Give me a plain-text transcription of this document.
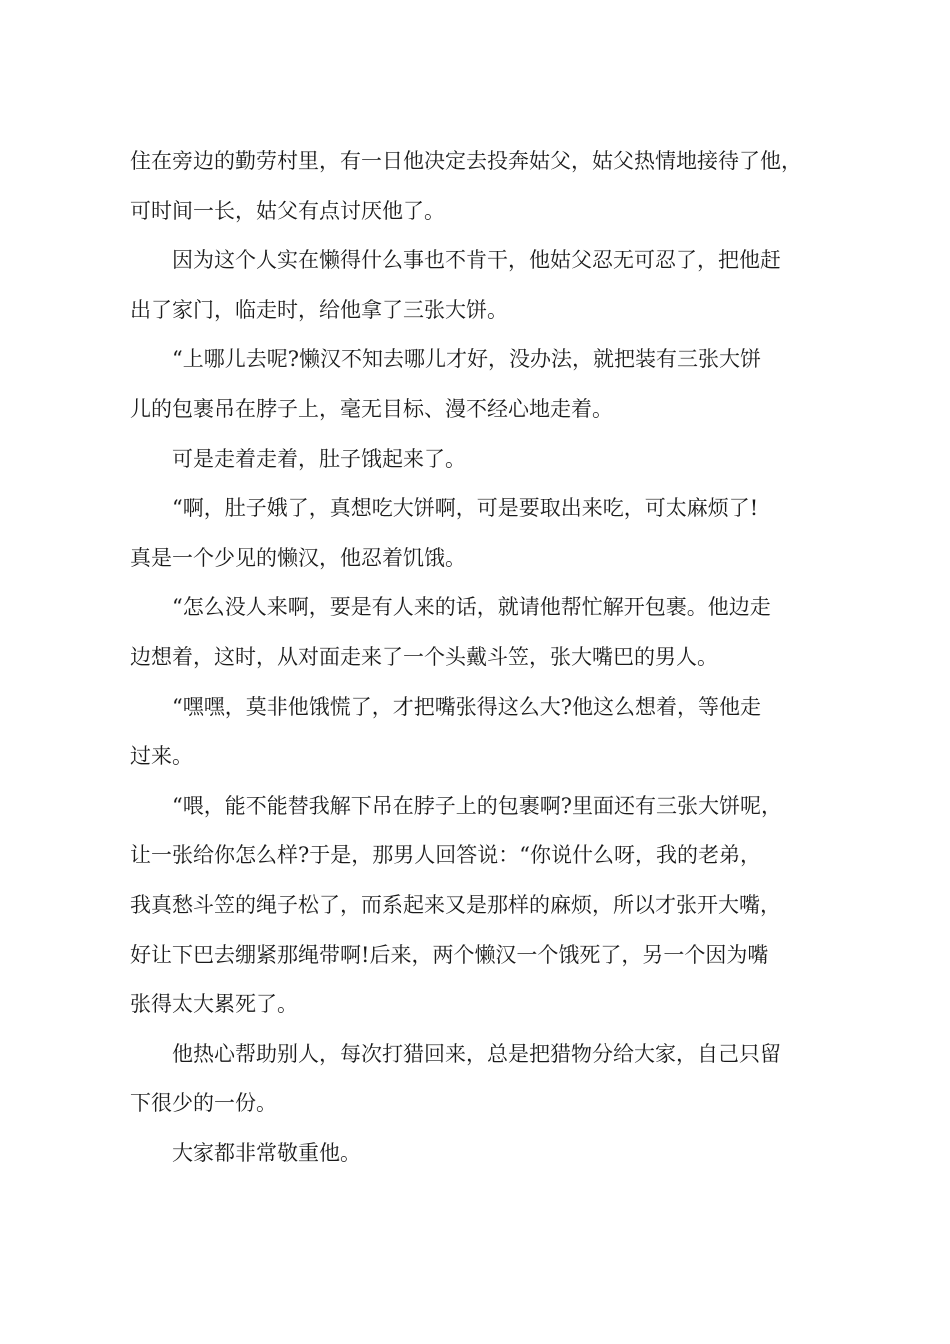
住在旁边的勤劳村里，有一日他决定去投奔姑父，姑父热情地接待了他，
可时间一长，姑父有点讨厌他了。
因为这个人实在懒得什么事也不肯干，他姑父忍无可忍了，把他赶
出了家门，临走时，给他拿了三张大饼。
“上哪儿去呢?懒汉不知去哪儿才好，没办法，就把装有三张大饼
儿的包裹吊在脖子上，毫无目标、漫不经心地走着。
可是走着走着，肚子饿起来了。
“啊，肚子娥了，真想吃大饼啊，可是要取出来吃，可太麻烦了!
真是一个少见的懒汉，他忍着饥饿。
“怎么没人来啊，要是有人来的话，就请他帮忙解开包裹。他边走
边想着，这时，从对面走来了一个头戴斗笠，张大嘴巴的男人。
“嘿嘿，莫非他饿慌了，才把嘴张得这么大?他这么想着，等他走
过来。
“喂，能不能替我解下吊在脖子上的包裹啊?里面还有三张大饼呢，
让一张给你怎么样?于是，那男人回答说：“你说什么呀，我的老弟，
我真愁斗笠的绳子松了，而系起来又是那样的麻烦，所以才张开大嘴，
好让下巴去绷紧那绳带啊!后来，两个懒汉一个饿死了，另一个因为嘴
张得太大累死了。
他热心帮助别人，每次打猎回来，总是把猎物分给大家，自己只留
下很少的一份。
大家都非常敬重他。
